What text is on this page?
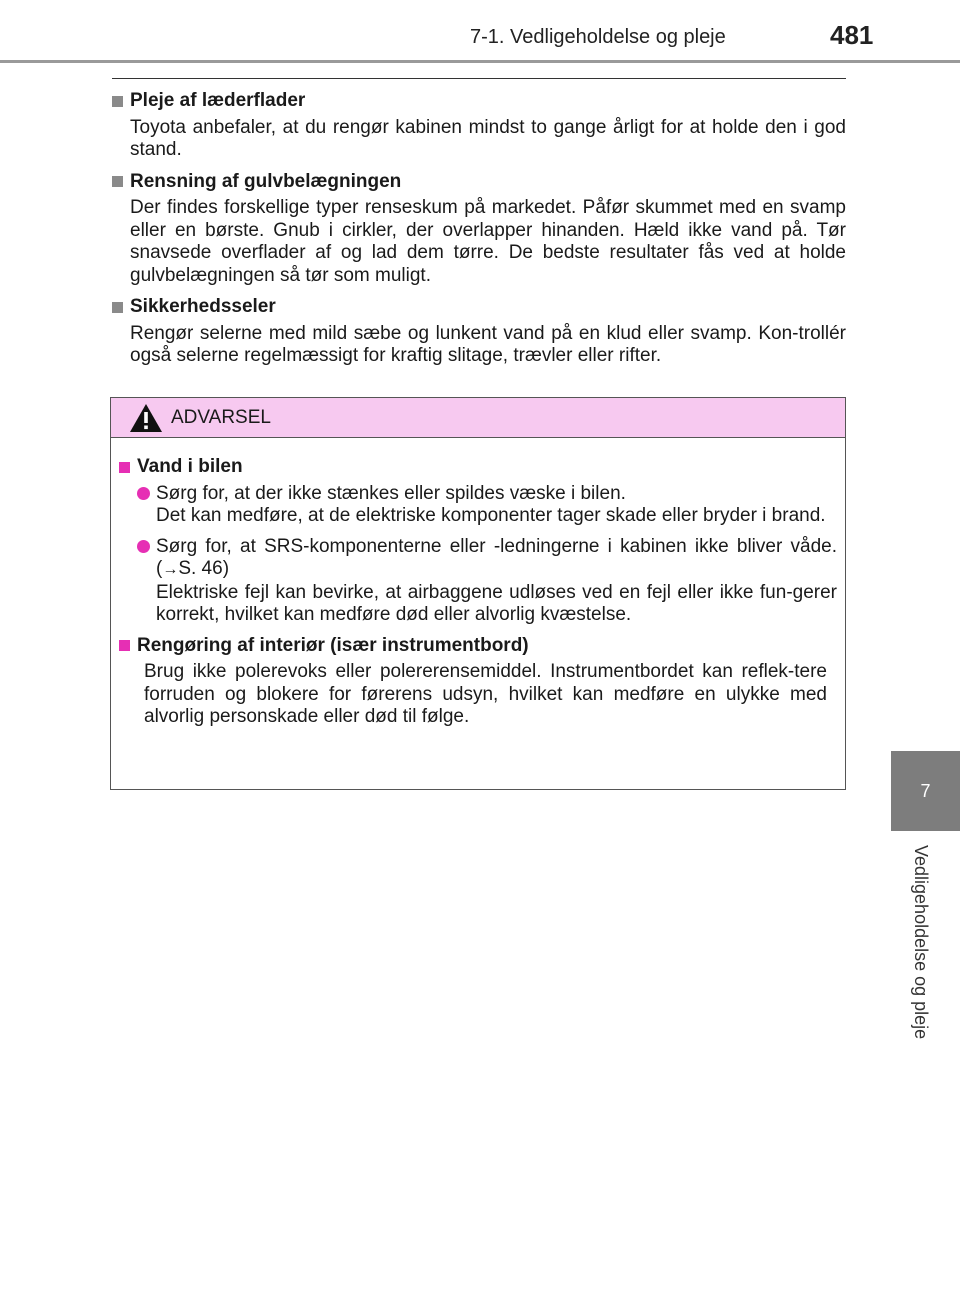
7-1. Vedligeholdelse og pleje	481
7
Vedligeholdelse og pleje
Pleje af læderflader
Toyota anbefaler, at du rengør kabinen mindst to gange årligt for at holde den i god stand.
Rensning af gulvbelægningen
Der findes forskellige typer renseskum på markedet. Påfør skummet med en svamp eller en børste. Gnub i cirkler, der overlapper hinanden. Hæld ikke vand på. Tør snavsede overflader af og lad dem tørre. De bedste resultater fås ved at holde gulvbelægningen så tør som muligt.
Sikkerhedsseler
Rengør selerne med mild sæbe og lunkent vand på en klud eller svamp. Kon-trollér også selerne regelmæssigt for kraftig slitage, trævler eller rifter.
ADVARSEL
Vand i bilen
Sørg for, at der ikke stænkes eller spildes væske i bilen.
Det kan medføre, at de elektriske komponenter tager skade eller bryder i brand.
Sørg for, at SRS-komponenterne eller -ledningerne i kabinen ikke bliver våde. (→S. 46)
Elektriske fejl kan bevirke, at airbaggene udløses ved en fejl eller ikke fun-gerer korrekt, hvilket kan medføre død eller alvorlig kvæstelse.
Rengøring af interiør (især instrumentbord)
Brug ikke polerevoks eller polererensemiddel. Instrumentbordet kan reflek-tere forruden og blokere for førerens udsyn, hvilket kan medføre en ulykke med alvorlig personskade eller død til følge.
